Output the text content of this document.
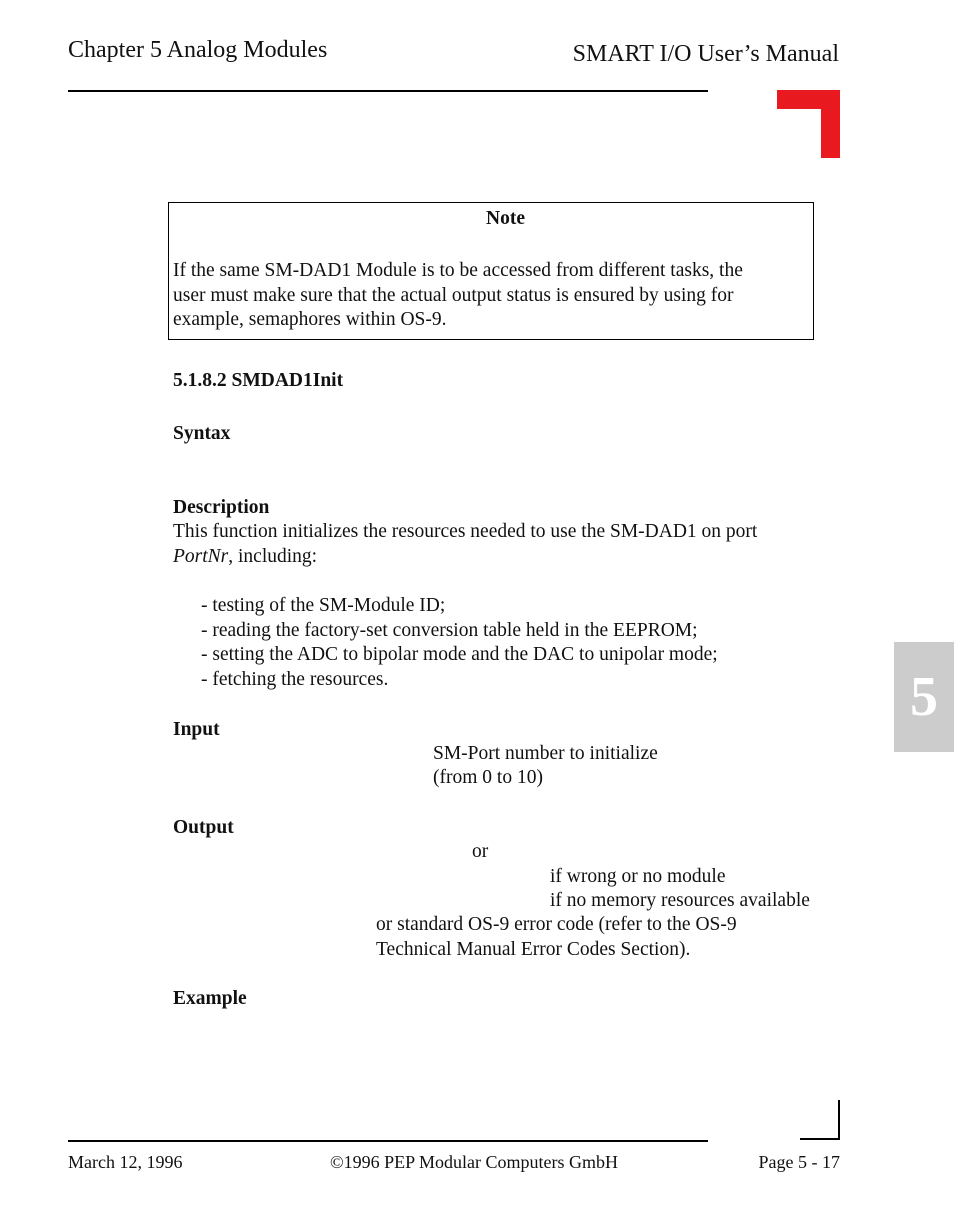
Chapter 5 Analog Modules	SMART I/O User’s Manual
Note
If the same SM-DAD1 Module is to be accessed from different tasks, the
user must make sure that the actual output status is ensured by using for
example, semaphores within OS-9.
5.1.8.2 SMDAD1Init
Syntax
Description
This function initializes the resources needed to use the SM-DAD1 on port
PortNr, including:
- testing of the SM-Module ID;
- reading the factory-set conversion table held in the EEPROM;
- setting the ADC to bipolar mode and the DAC to unipolar mode;
- fetching the resources.
Input
SM-Port number to initialize
(from 0 to 10)
Output
or
if wrong or no module
if no memory resources available
or standard OS-9 error code (refer to the OS-9
Technical Manual Error Codes Section).
Example
5
March 12, 1996	©1996 PEP Modular Computers GmbH	Page 5 - 17
